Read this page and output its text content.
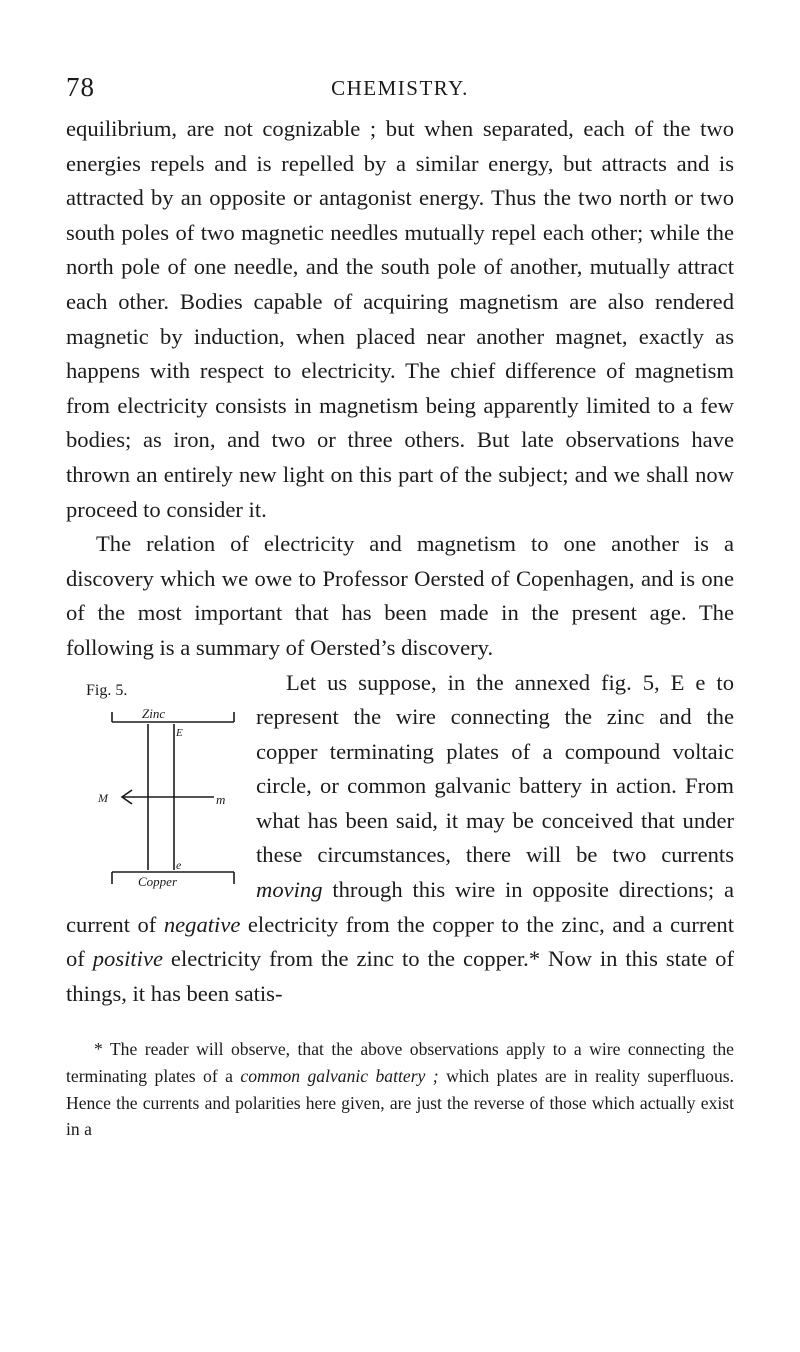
78	CHEMISTRY.

equilibrium, are not cognizable ; but when separated, each of the two energies repels and is repelled by a similar energy, but attracts and is attracted by an opposite or antagonist energy. Thus the two north or two south poles of two magnetic needles mutually repel each other; while the north pole of one needle, and the south pole of another, mutually attract each other. Bodies capable of acquiring magnetism are also rendered magnetic by induction, when placed near another magnet, exactly as happens with respect to electricity. The chief difference of magnetism from electricity consists in magnetism being apparently limited to a few bodies; as iron, and two or three others. But late observations have thrown an entirely new light on this part of the subject; and we shall now proceed to consider it.

The relation of electricity and magnetism to one another is a discovery which we owe to Professor Oersted of Copenhagen, and is one of the most important that has been made in the present age. The following is a summary of Oersted’s discovery.

Fig. 5.
Zinc
E
M	m
e
Copper

Let us suppose, in the annexed fig. 5, E e to represent the wire connecting the zinc and the copper terminating plates of a compound voltaic circle, or common galvanic battery in action. From what has been said, it may be conceived that under these circumstances, there will be two currents moving through this wire in opposite directions; a current of negative electricity from the copper to the zinc, and a current of positive electricity from the zinc to the copper.* Now in this state of things, it has been satis-

* The reader will observe, that the above observations apply to a wire connecting the terminating plates of a common galvanic battery ; which plates are in reality superfluous. Hence the currents and polarities here given, are just the reverse of those which actually exist in a
